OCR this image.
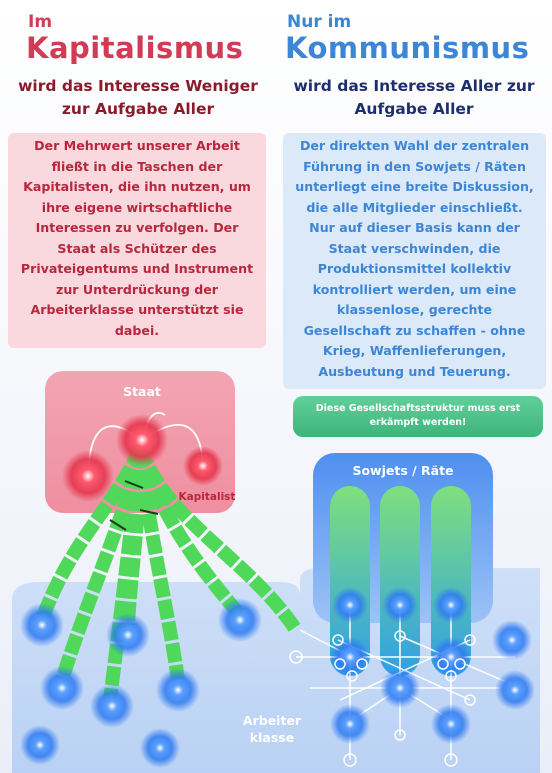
Im
Kapitalismus
wird das Interesse Weniger
zur Aufgabe Aller
Nur im
Kommunismus
wird das Interesse Aller zur
Aufgabe Aller
Der Mehrwert unserer Arbeit
fließt in die Taschen der
Kapitalisten, die ihn nutzen, um
ihre eigene wirtschaftliche
Interessen zu verfolgen. Der
Staat als Schützer des
Privateigentums und Instrument
zur Unterdrückung der
Arbeiterklasse unterstützt sie
dabei.
Der direkten Wahl der zentralen
Führung in den Sowjets / Räten
unterliegt eine breite Diskussion,
die alle Mitglieder einschließt.
Nur auf dieser Basis kann der
Staat verschwinden, die
Produktionsmittel kollektiv
kontrolliert werden, um eine
klassenlose, gerechte
Gesellschaft zu schaffen - ohne
Krieg, Waffenlieferungen,
Ausbeutung und Teuerung.
Staat
Kapitalist
Sowjets / Räte
Arbeiter
klasse
Diese Gesellschaftsstruktur muss erst
erkämpft werden!
